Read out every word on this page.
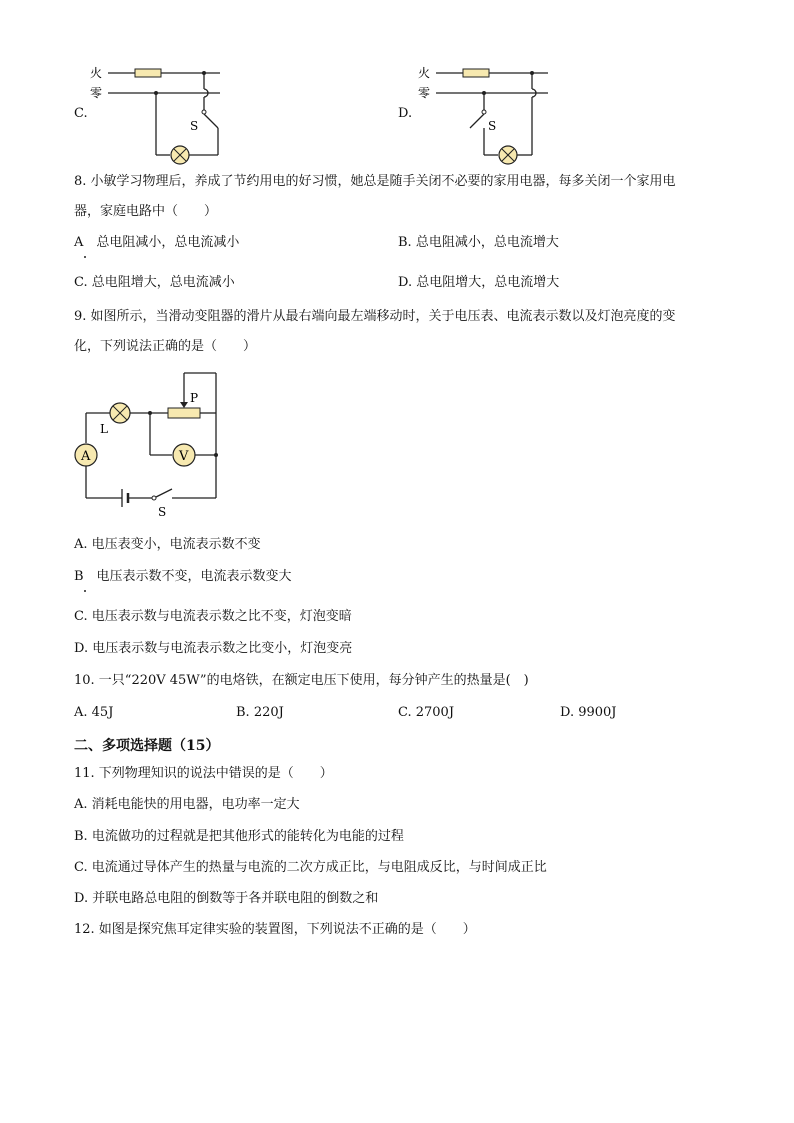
火
零
S
C.
火
零
S
D.
8. 小敏学习物理后，养成了节约用电的好习惯，她总是随手关闭不必要的家用电器，每多关闭一个家用电
器，家庭电路中（　　）
A　总电阻减小，总电流减小	B. 总电阻减小，总电流增大
C. 总电阻增大，总电流减小	D. 总电阻增大，总电流增大
9. 如图所示，当滑动变阻器的滑片从最右端向最左端移动时，关于电压表、电流表示数以及灯泡亮度的变
化，下列说法正确的是（　　）
L
P
V
A
S
A. 电压表变小，电流表示数不变
B　电压表示数不变，电流表示数变大
C. 电压表示数与电流表示数之比不变，灯泡变暗
D. 电压表示数与电流表示数之比变小，灯泡变亮
10. 一只“220V 45W”的电烙铁，在额定电压下使用，每分钟产生的热量是(　)
A. 45J	B. 220J	C. 2700J	D. 9900J
二、多项选择题（15）
11. 下列物理知识的说法中错误的是（　　）
A. 消耗电能快的用电器，电功率一定大
B. 电流做功的过程就是把其他形式的能转化为电能的过程
C. 电流通过导体产生的热量与电流的二次方成正比，与电阻成反比，与时间成正比
D. 并联电路总电阻的倒数等于各并联电阻的倒数之和
12. 如图是探究焦耳定律实验的装置图，下列说法不正确的是（　　）
